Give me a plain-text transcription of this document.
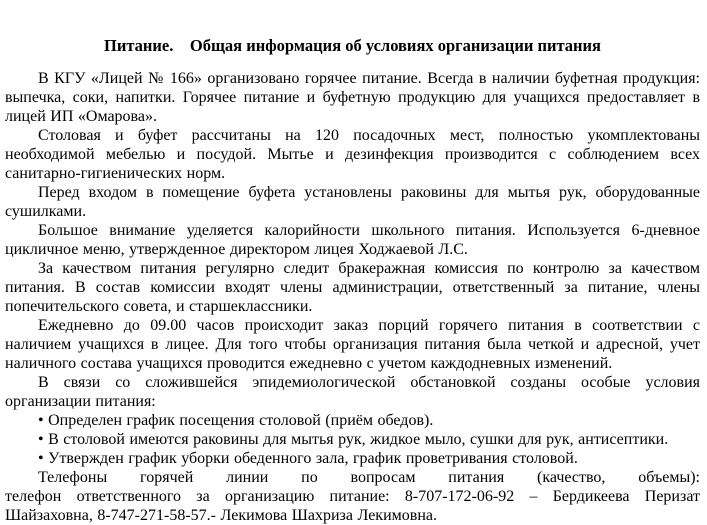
Питание.    Общая информация об условиях организации питания

В КГУ «Лицей № 166» организовано горячее питание. Всегда в наличии буфетная продукция: выпечка, соки, напитки. Горячее питание и буфетную продукцию для учащихся предоставляет в лицей ИП «Омарова».

Столовая и буфет рассчитаны на 120 посадочных мест, полностью укомплектованы необходимой мебелью и посудой. Мытье и дезинфекция производится с соблюдением всех санитарно-гигиенических норм.

Перед входом в помещение буфета установлены раковины для мытья рук, оборудованные сушилками.

Большое внимание уделяется калорийности школьного питания. Используется 6-дневное цикличное меню, утвержденное директором лицея Ходжаевой Л.С.

За качеством питания регулярно следит бракеражная комиссия по контролю за качеством питания. В состав комиссии входят члены администрации, ответственный за питание, члены попечительского совета, и старшеклассники.

Ежедневно до 09.00 часов происходит заказ порций горячего питания в соответствии с наличием учащихся в лицее. Для того чтобы организация питания была четкой и адресной, учет наличного состава учащихся проводится ежедневно с учетом каждодневных изменений.

В связи со сложившейся эпидемиологической обстановкой созданы особые условия организации питания:

• Определен график посещения столовой (приём обедов).

• В столовой имеются раковины для мытья рук, жидкое мыло, сушки для рук, антисептики.

• Утвержден график уборки обеденного зала, график проветривания столовой.

Телефоны горячей линии по вопросам питания (качество, объемы):

телефон ответственного за организацию питание: 8-707-172-06-92 – Бердикеева Перизат Шайзаховна, 8-747-271-58-57.- Лекимова Шахриза Лекимовна.
